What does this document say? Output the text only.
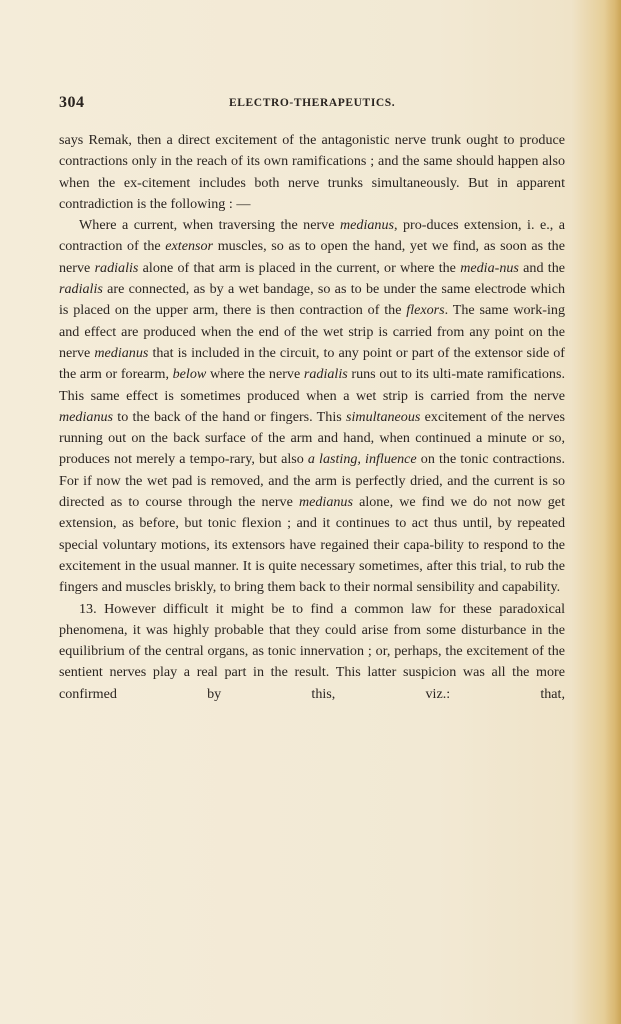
304	ELECTRO-THERAPEUTICS.

says Remak, then a direct excitement of the antagonistic nerve trunk ought to produce contractions only in the reach of its own ramifications ; and the same should happen also when the ex-citement includes both nerve trunks simultaneously. But in apparent contradiction is the following : —

Where a current, when traversing the nerve medianus, pro-duces extension, i. e., a contraction of the extensor muscles, so as to open the hand, yet we find, as soon as the nerve radialis alone of that arm is placed in the current, or where the media-nus and the radialis are connected, as by a wet bandage, so as to be under the same electrode which is placed on the upper arm, there is then contraction of the flexors. The same work-ing and effect are produced when the end of the wet strip is carried from any point on the nerve medianus that is included in the circuit, to any point or part of the extensor side of the arm or forearm, below where the nerve radialis runs out to its ulti-mate ramifications. This same effect is sometimes produced when a wet strip is carried from the nerve medianus to the back of the hand or fingers. This simultaneous excitement of the nerves running out on the back surface of the arm and hand, when continued a minute or so, produces not merely a tempo-rary, but also a lasting, influence on the tonic contractions. For if now the wet pad is removed, and the arm is perfectly dried, and the current is so directed as to course through the nerve medianus alone, we find we do not now get extension, as before, but tonic flexion ; and it continues to act thus until, by repeated special voluntary motions, its extensors have regained their capa-bility to respond to the excitement in the usual manner. It is quite necessary sometimes, after this trial, to rub the fingers and muscles briskly, to bring them back to their normal sensibility and capability.

13. However difficult it might be to find a common law for these paradoxical phenomena, it was highly probable that they could arise from some disturbance in the equilibrium of the central organs, as tonic innervation ; or, perhaps, the excitement of the sentient nerves play a real part in the result. This latter suspicion was all the more confirmed by this, viz.: that,
